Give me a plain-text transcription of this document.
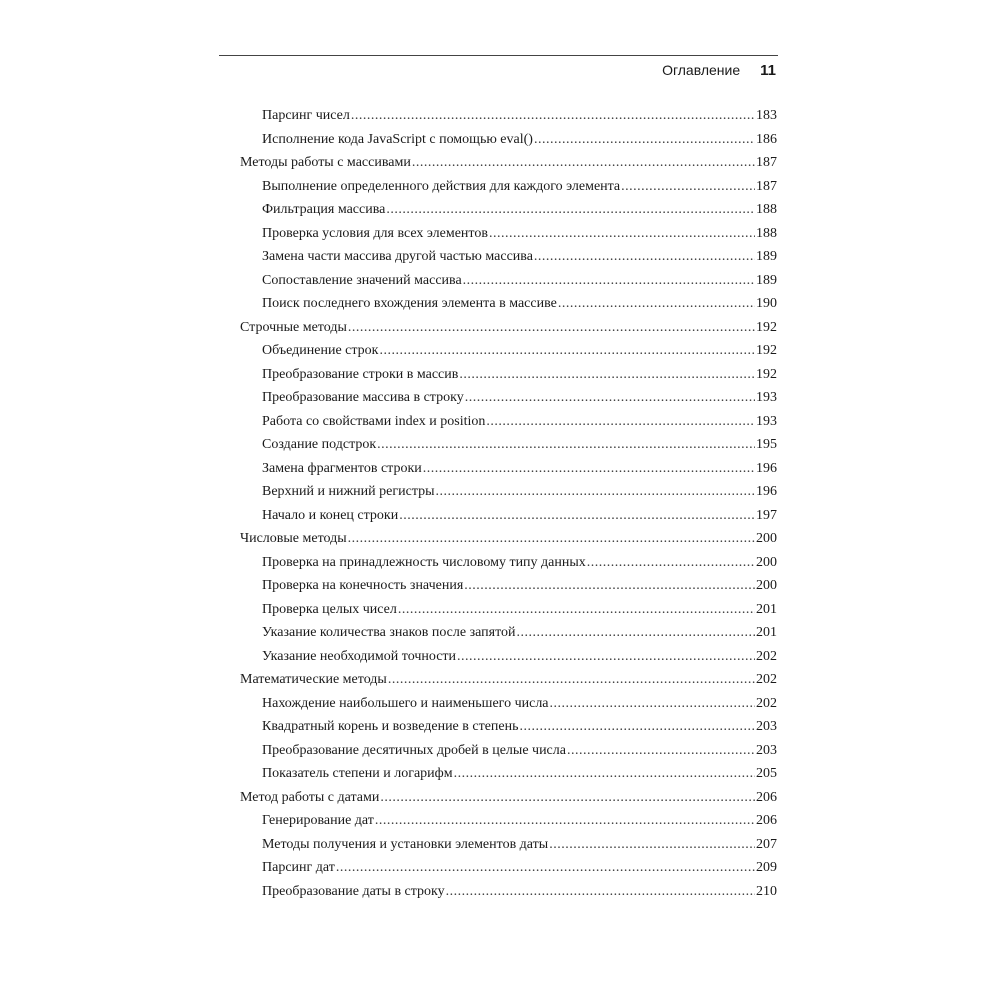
Оглавление 11
Парсинг чисел .....	183
Исполнение кода JavaScript с помощью eval() .....	186
Методы работы с массивами .....	187
Выполнение определенного действия для каждого элемента .....	187
Фильтрация массива .....	188
Проверка условия для всех элементов .....	188
Замена части массива другой частью массива .....	189
Сопоставление значений массива .....	189
Поиск последнего вхождения элемента в массиве .....	190
Строчные методы .....	192
Объединение строк .....	192
Преобразование строки в массив .....	192
Преобразование массива в строку .....	193
Работа со свойствами index и position .....	193
Создание подстрок .....	195
Замена фрагментов строки .....	196
Верхний и нижний регистры .....	196
Начало и конец строки .....	197
Числовые методы .....	200
Проверка на принадлежность числовому типу данных .....	200
Проверка на конечность значения .....	200
Проверка целых чисел .....	201
Указание количества знаков после запятой .....	201
Указание необходимой точности .....	202
Математические методы .....	202
Нахождение наибольшего и наименьшего числа .....	202
Квадратный корень и возведение в степень .....	203
Преобразование десятичных дробей в целые числа .....	203
Показатель степени и логарифм .....	205
Метод работы с датами .....	206
Генерирование дат .....	206
Методы получения и установки элементов даты .....	207
Парсинг дат .....	209
Преобразование даты в строку .....	210
